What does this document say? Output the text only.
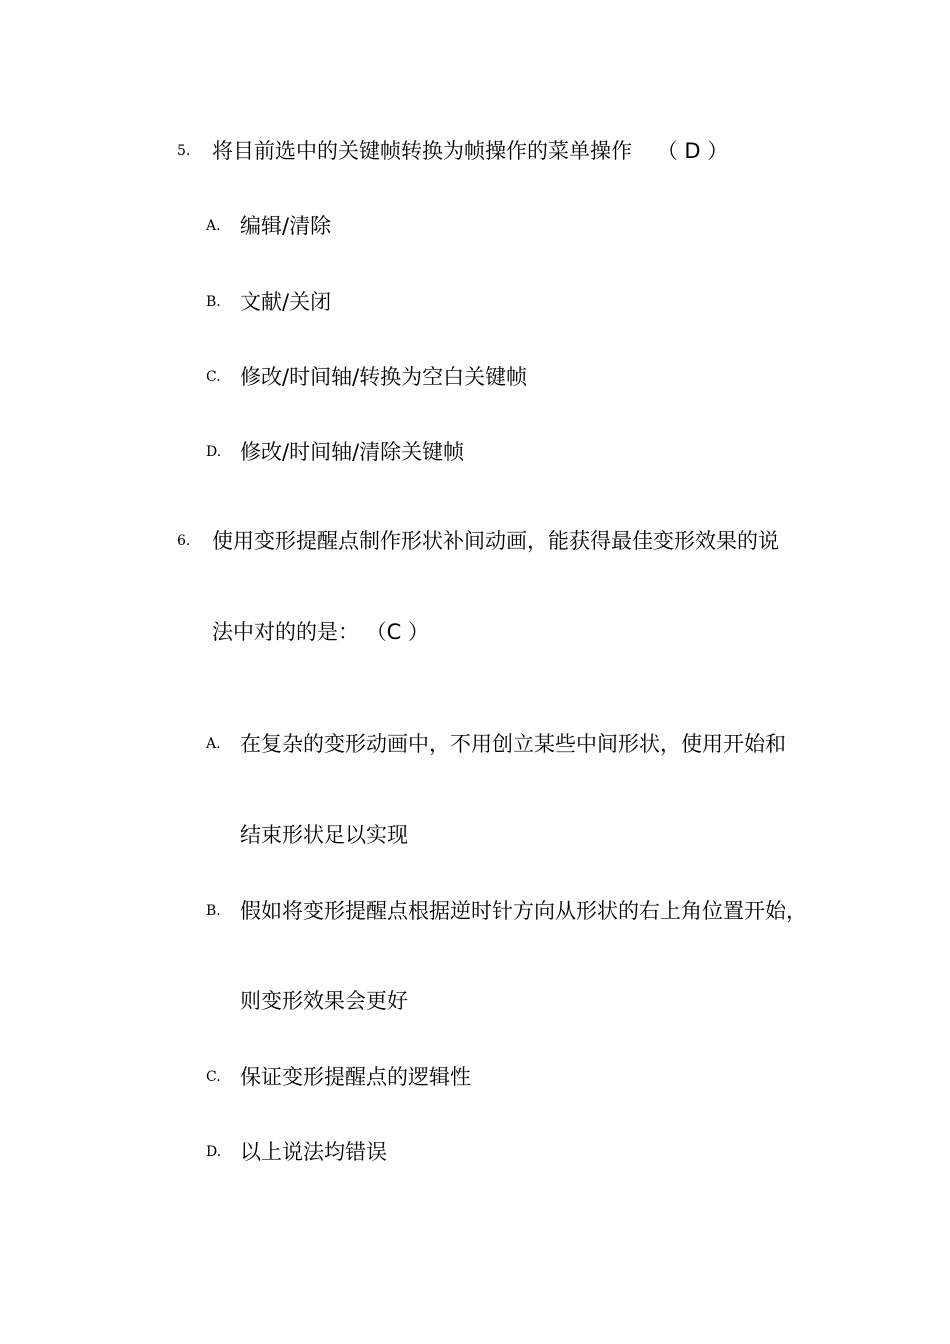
5. 将目前选中的关键帧转换为帧操作的菜单操作 （ D ）
A. 编辑/清除
B. 文献/关闭
C. 修改/时间轴/转换为空白关键帧
D. 修改/时间轴/清除关键帧
6. 使用变形提醒点制作形状补间动画，能获得最佳变形效果的说
法中对的的是： （C ）
A. 在复杂的变形动画中，不用创立某些中间形状，使用开始和
结束形状足以实现
B. 假如将变形提醒点根据逆时针方向从形状的右上角位置开始，
则变形效果会更好
C. 保证变形提醒点的逻辑性
D. 以上说法均错误
